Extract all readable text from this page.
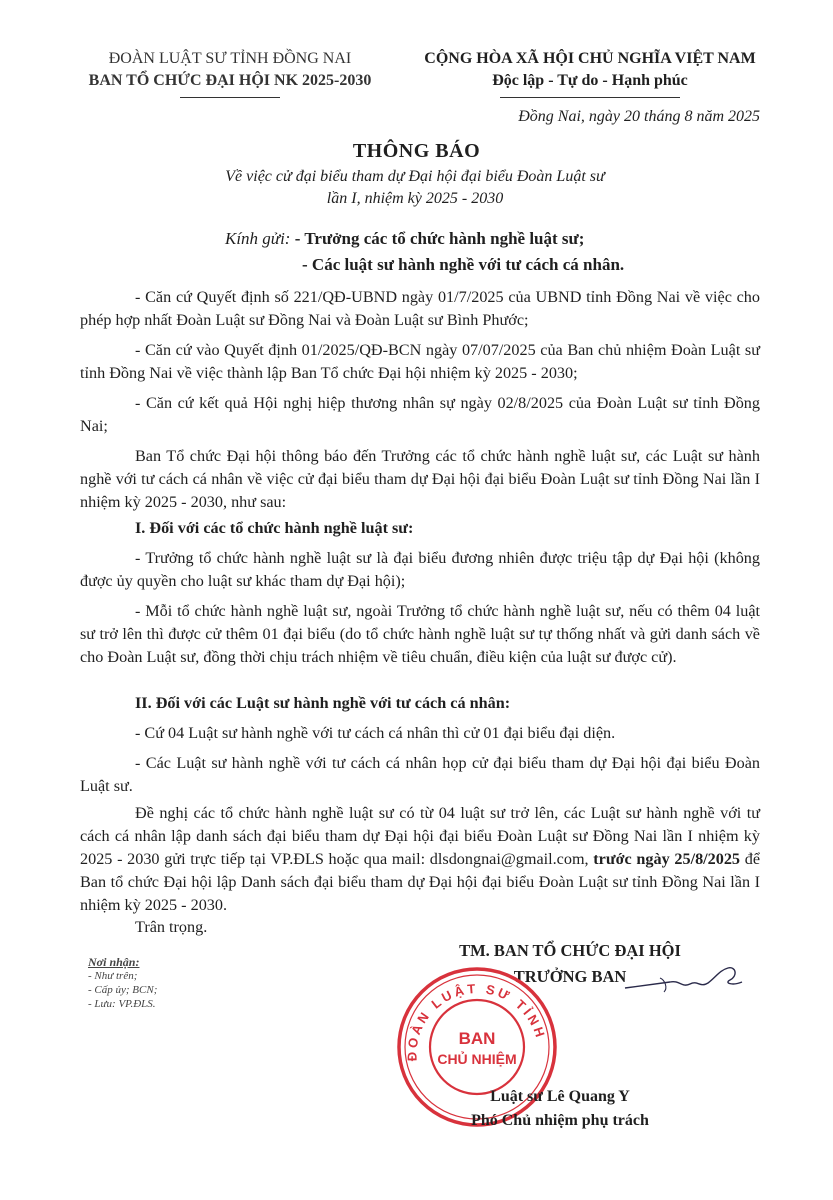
ĐOÀN LUẬT SƯ TỈNH ĐỒNG NAI
BAN TỔ CHỨC ĐẠI HỘI NK 2025-2030
CỘNG HÒA XÃ HỘI CHỦ NGHĨA VIỆT NAM
Độc lập - Tự do - Hạnh phúc
Đồng Nai, ngày 20 tháng 8 năm 2025
THÔNG BÁO
Về việc cử đại biểu tham dự Đại hội đại biểu Đoàn Luật sư
lần I, nhiệm kỳ 2025 - 2030
Kính gửi: - Trưởng các tổ chức hành nghề luật sư;
- Các luật sư hành nghề với tư cách cá nhân.
- Căn cứ Quyết định số 221/QĐ-UBND ngày 01/7/2025 của UBND tỉnh Đồng Nai về việc cho phép hợp nhất Đoàn Luật sư Đồng Nai và Đoàn Luật sư Bình Phước;
- Căn cứ vào Quyết định 01/2025/QĐ-BCN ngày 07/07/2025 của Ban chủ nhiệm Đoàn Luật sư tỉnh Đồng Nai về việc thành lập Ban Tổ chức Đại hội nhiệm kỳ 2025 - 2030;
- Căn cứ kết quả Hội nghị hiệp thương nhân sự ngày 02/8/2025 của Đoàn Luật sư tỉnh Đồng Nai;
Ban Tổ chức Đại hội thông báo đến Trưởng các tổ chức hành nghề luật sư, các Luật sư hành nghề với tư cách cá nhân về việc cử đại biểu tham dự Đại hội đại biểu Đoàn Luật sư tỉnh Đồng Nai lần I nhiệm kỳ 2025 - 2030, như sau:
I. Đối với các tổ chức hành nghề luật sư:
- Trưởng tổ chức hành nghề luật sư là đại biểu đương nhiên được triệu tập dự Đại hội (không được ủy quyền cho luật sư khác tham dự Đại hội);
- Mỗi tổ chức hành nghề luật sư, ngoài Trưởng tổ chức hành nghề luật sư, nếu có thêm 04 luật sư trở lên thì được cử thêm 01 đại biểu (do tổ chức hành nghề luật sư tự thống nhất và gửi danh sách về cho Đoàn Luật sư, đồng thời chịu trách nhiệm về tiêu chuẩn, điều kiện của luật sư được cử).
II. Đối với các Luật sư hành nghề với tư cách cá nhân:
- Cứ 04 Luật sư hành nghề với tư cách cá nhân thì cử 01 đại biểu đại diện.
- Các Luật sư hành nghề với tư cách cá nhân họp cử đại biểu tham dự Đại hội đại biểu Đoàn Luật sư.
Đề nghị các tổ chức hành nghề luật sư có từ 04 luật sư trở lên, các Luật sư hành nghề với tư cách cá nhân lập danh sách đại biểu tham dự Đại hội đại biểu Đoàn Luật sư Đồng Nai lần I nhiệm kỳ 2025 - 2030 gửi trực tiếp tại VP.ĐLS hoặc qua mail: dlsdongnai@gmail.com, trước ngày 25/8/2025 để Ban tổ chức Đại hội lập Danh sách đại biểu tham dự Đại hội đại biểu Đoàn Luật sư tỉnh Đồng Nai lần I nhiệm kỳ 2025 - 2030.
Trân trọng.
Nơi nhận:
- Như trên;
- Cấp ủy; BCN;
- Lưu: VP.ĐLS.
TM. BAN TỔ CHỨC ĐẠI HỘI
TRƯỞNG BAN
ĐOÀN LUẬT SƯ TỈNH
BAN
CHỦ NHIỆM
Luật sư Lê Quang Y
Phó Chủ nhiệm phụ trách
